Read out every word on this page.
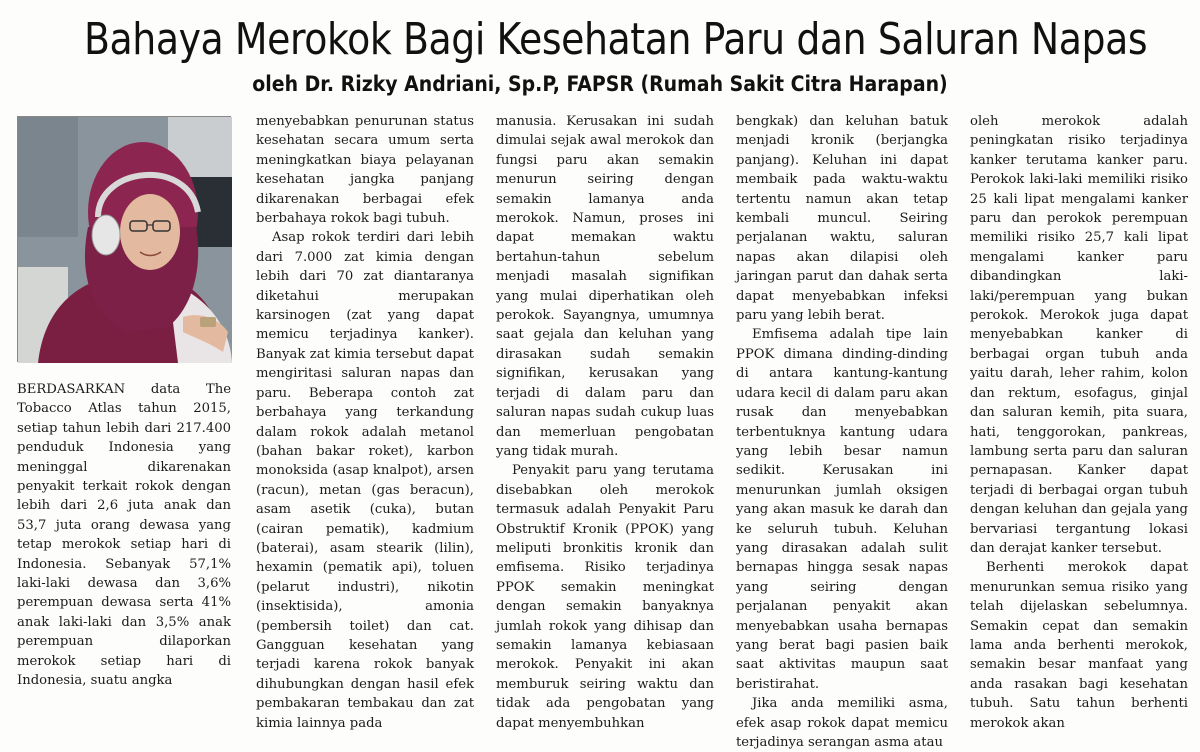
Bahaya Merokok Bagi Kesehatan Paru dan Saluran Napas
oleh Dr. Rizky Andriani, Sp.P, FAPSR (Rumah Sakit Citra Harapan)

BERDASARKAN data The Tobacco Atlas tahun 2015, setiap tahun lebih dari 217.400 penduduk Indonesia yang meninggal dikarenakan penyakit terkait rokok dengan lebih dari 2,6 juta anak dan 53,7 juta orang dewasa yang tetap merokok setiap hari di Indonesia. Sebanyak 57,1% laki-laki dewasa dan 3,6% perempuan dewasa serta 41% anak laki-laki dan 3,5% anak perempuan dilaporkan merokok setiap hari di Indonesia, suatu angka

menyebabkan penurunan status kesehatan secara umum serta meningkatkan biaya pelayanan kesehatan jangka panjang dikarenakan berbagai efek berbahaya rokok bagi tubuh.

Asap rokok terdiri dari lebih dari 7.000 zat kimia dengan lebih dari 70 zat diantaranya diketahui merupakan karsinogen (zat yang dapat memicu terjadinya kanker). Banyak zat kimia tersebut dapat mengiritasi saluran napas dan paru. Beberapa contoh zat berbahaya yang terkandung dalam rokok adalah metanol (bahan bakar roket), karbon monoksida (asap knalpot), arsen (racun), metan (gas beracun), asam asetik (cuka), butan (cairan pematik), kadmium (baterai), asam stearik (lilin), hexamin (pematik api), toluen (pelarut industri), nikotin (insektisida), amonia (pembersih toilet) dan cat. Gangguan kesehatan yang terjadi karena rokok banyak dihubungkan dengan hasil efek pembakaran tembakau dan zat kimia lainnya pada

manusia. Kerusakan ini sudah dimulai sejak awal merokok dan fungsi paru akan semakin menurun seiring dengan semakin lamanya anda merokok. Namun, proses ini dapat memakan waktu bertahun-tahun sebelum menjadi masalah signifikan yang mulai diperhatikan oleh perokok. Sayangnya, umumnya saat gejala dan keluhan yang dirasakan sudah semakin signifikan, kerusakan yang terjadi di dalam paru dan saluran napas sudah cukup luas dan memerluan pengobatan yang tidak murah.

Penyakit paru yang terutama disebabkan oleh merokok termasuk adalah Penyakit Paru Obstruktif Kronik (PPOK) yang meliputi bronkitis kronik dan emfisema. Risiko terjadinya PPOK semakin meningkat dengan semakin banyaknya jumlah rokok yang dihisap dan semakin lamanya kebiasaan merokok. Penyakit ini akan memburuk seiring waktu dan tidak ada pengobatan yang dapat menyembuhkan

bengkak) dan keluhan batuk menjadi kronik (berjangka panjang). Keluhan ini dapat membaik pada waktu-waktu tertentu namun akan tetap kembali muncul. Seiring perjalanan waktu, saluran napas akan dilapisi oleh jaringan parut dan dahak serta dapat menyebabkan infeksi paru yang lebih berat.

Emfisema adalah tipe lain PPOK dimana dinding-dinding di antara kantung-kantung udara kecil di dalam paru akan rusak dan menyebabkan terbentuknya kantung udara yang lebih besar namun sedikit. Kerusakan ini menurunkan jumlah oksigen yang akan masuk ke darah dan ke seluruh tubuh. Keluhan yang dirasakan adalah sulit bernapas hingga sesak napas yang seiring dengan perjalanan penyakit akan menyebabkan usaha bernapas yang berat bagi pasien baik saat aktivitas maupun saat beristirahat.

Jika anda memiliki asma, efek asap rokok dapat memicu terjadinya serangan asma atau

oleh merokok adalah peningkatan risiko terjadinya kanker terutama kanker paru. Perokok laki-laki memiliki risiko 25 kali lipat mengalami kanker paru dan perokok perempuan memiliki risiko 25,7 kali lipat mengalami kanker paru dibandingkan laki-laki/perempuan yang bukan perokok. Merokok juga dapat menyebabkan kanker di berbagai organ tubuh anda yaitu darah, leher rahim, kolon dan rektum, esofagus, ginjal dan saluran kemih, pita suara, hati, tenggorokan, pankreas, lambung serta paru dan saluran pernapasan. Kanker dapat terjadi di berbagai organ tubuh dengan keluhan dan gejala yang bervariasi tergantung lokasi dan derajat kanker tersebut.

Berhenti merokok dapat menurunkan semua risiko yang telah dijelaskan sebelumnya. Semakin cepat dan semakin lama anda berhenti merokok, semakin besar manfaat yang anda rasakan bagi kesehatan tubuh. Satu tahun berhenti merokok akan
